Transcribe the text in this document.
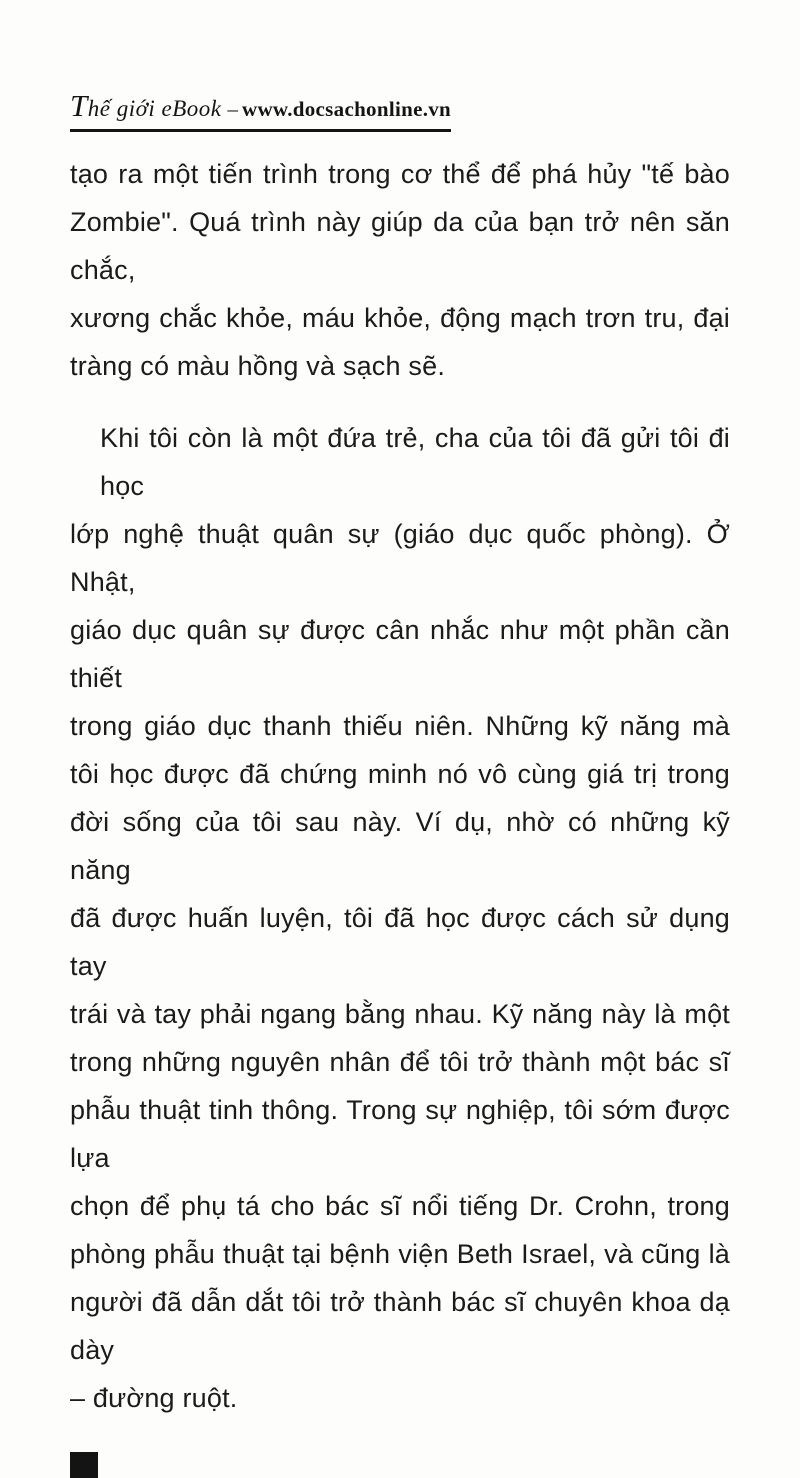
Thế giới eBook – www.docsachonline.vn
tạo ra một tiến trình trong cơ thể để phá hủy "tế bào
Zombie". Quá trình này giúp da của bạn trở nên săn chắc,
xương chắc khỏe, máu khỏe, động mạch trơn tru, đại
tràng có màu hồng và sạch sẽ.
Khi tôi còn là một đứa trẻ, cha của tôi đã gửi tôi đi học
lớp nghệ thuật quân sự (giáo dục quốc phòng). Ở Nhật,
giáo dục quân sự được cân nhắc như một phần cần thiết
trong giáo dục thanh thiếu niên. Những kỹ năng mà
tôi học được đã chứng minh nó vô cùng giá trị trong
đời sống của tôi sau này. Ví dụ, nhờ có những kỹ năng
đã được huấn luyện, tôi đã học được cách sử dụng tay
trái và tay phải ngang bằng nhau. Kỹ năng này là một
trong những nguyên nhân để tôi trở thành một bác sĩ
phẫu thuật tinh thông. Trong sự nghiệp, tôi sớm được lựa
chọn để phụ tá cho bác sĩ nổi tiếng Dr. Crohn, trong
phòng phẫu thuật tại bệnh viện Beth Israel, và cũng là
người đã dẫn dắt tôi trở thành bác sĩ chuyên khoa dạ dày
– đường ruột.
